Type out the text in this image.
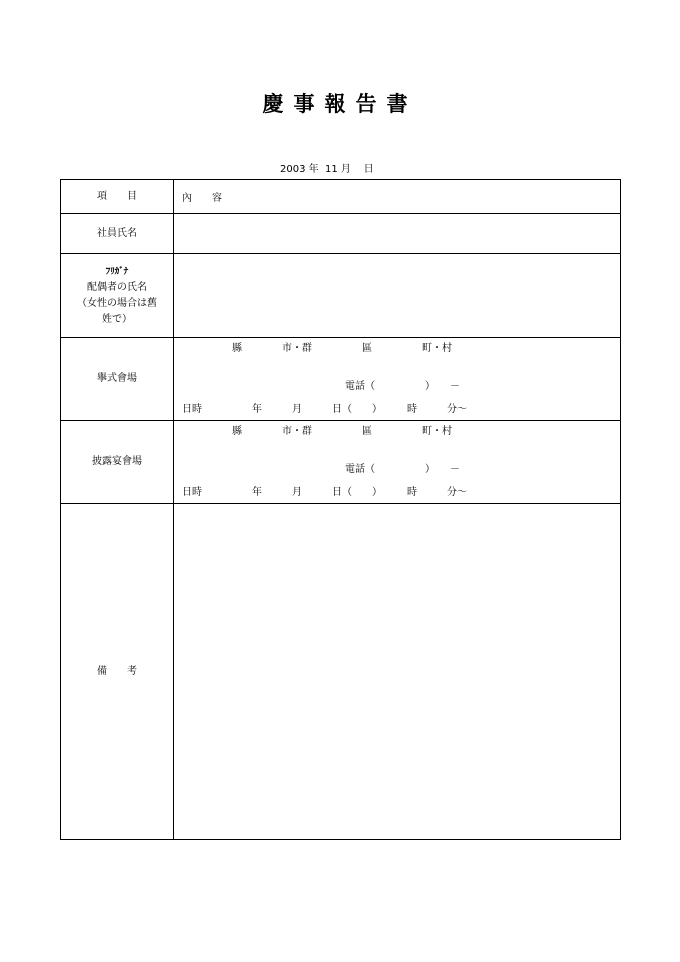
慶事報告書
2003 年  11 月    日
項　　目	內　　容
社員氏名	

ﾌﾘｶﾞﾅ
配偶者の氏名
（女性の場合は舊
姓で）	

擧式會場	縣　　　　市・群　　　　　區　　　　　町・村
電話（　　　　　）　　－
日時　　　　　年　　　月　　　日（　　）　　　時　　　分～

披露宴會場	縣　　　　市・群　　　　　區　　　　　町・村
電話（　　　　　）　　－
日時　　　　　年　　　月　　　日（　　）　　　時　　　分～

備　　考	
